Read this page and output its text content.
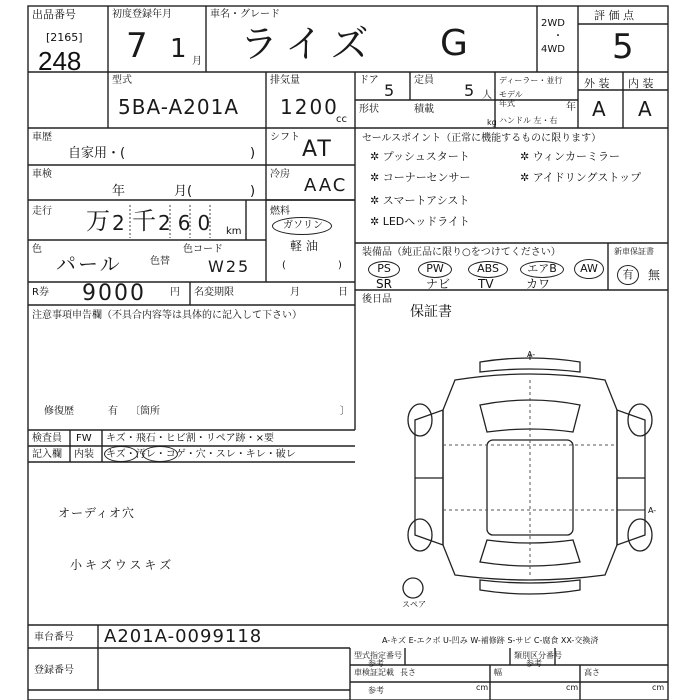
出品番号
[2165]
248
初度登録年月
7 1 月
車名・グレード
ライズ G	2WD
・
4WD
評 価 点
5
型式
5BA-A201A
排気量
1200
cc
ドア
5
定員
5 人
ディーラー・並行
モデル年式	年
形状	積載
kg ハンドル 左・右
外 装 内 装
A A
車歴
自家用・(	)
シフト AT
車検
年	月(	)
冷房
AAC
走行 万 2 千 260 km
燃料
ガソリン
軽 油
(	)
色
パール	色替
色コード
W25
R券 9000 円 名変期限	月	日
注意事項申告欄（不具合内容等は具体的に記入して下さい）
修復歴	有 〔箇所	〕
セールスポイント（正常に機能するものに限ります）
✲ プッシュスタート	✲ ウィンカーミラー
✲ コーナーセンサー	✲ アイドリングストップ
✲ スマートアシスト
✲ LEDヘッドライト
装備品（純正品に限り○をつけてください）
PS	PW	ABS	エアB	AW
SR	ナビ TV	カワ
新車保証書
有	無
後日品
保証書
検査員 FW キズ・飛石・ヒビ割・リペア跡・×要
記入欄 内装 キズ・汚レ・コゲ・穴・スレ・キレ・破レ
オーディオ穴
小キズウスキズ
A-
A-
スペア
A-キズ E-エクボ U-凹み W-補修跡 S-サビ C-腐食 XX-交換済
車台番号 A201A-0099118
登録番号
型式指定番号
参考
類別区分番号
参考
車検証記載
参考
長さ
cm
幅
cm
高さ
cm
